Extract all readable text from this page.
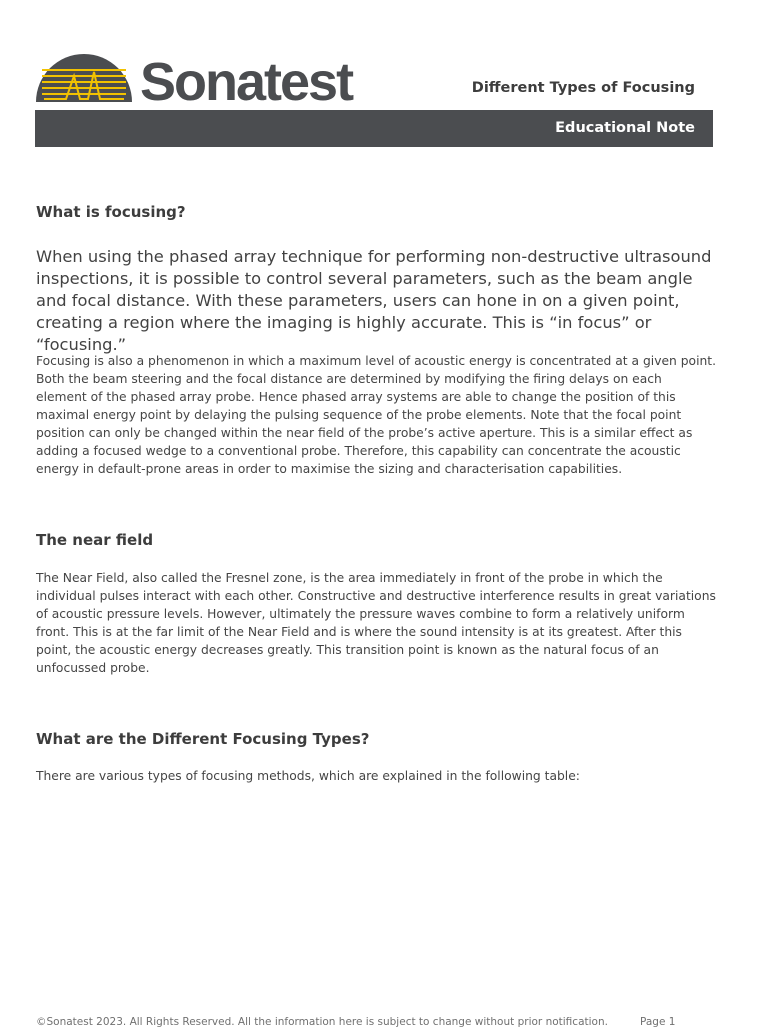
Sonatest	Different Types of Focusing
Educational Note
What is focusing?
When using the phased array technique for performing non-destructive ultrasound inspections, it is possible to control several parameters, such as the beam angle and focal distance. With these parameters, users can hone in on a given point, creating a region where the imaging is highly accurate. This is “in focus” or “focusing.”
Focusing is also a phenomenon in which a maximum level of acoustic energy is concentrated at a given point. Both the beam steering and the focal distance are determined by modifying the firing delays on each element of the phased array probe. Hence phased array systems are able to change the position of this maximal energy point by delaying the pulsing sequence of the probe elements. Note that the focal point position can only be changed within the near field of the probe’s active aperture. This is a similar effect as adding a focused wedge to a conventional probe. Therefore, this capability can concentrate the acoustic energy in default-prone areas in order to maximise the sizing and characterisation capabilities.
The near field
The Near Field, also called the Fresnel zone, is the area immediately in front of the probe in which the individual pulses interact with each other. Constructive and destructive interference results in great variations of acoustic pressure levels. However, ultimately the pressure waves combine to form a relatively uniform front. This is at the far limit of the Near Field and is where the sound intensity is at its greatest. After this point, the acoustic energy decreases greatly. This transition point is known as the natural focus of an unfocussed probe.
What are the Different Focusing Types?
There are various types of focusing methods, which are explained in the following table:
©Sonatest 2023. All Rights Reserved. All the information here is subject to change without prior notification.	Page 1
